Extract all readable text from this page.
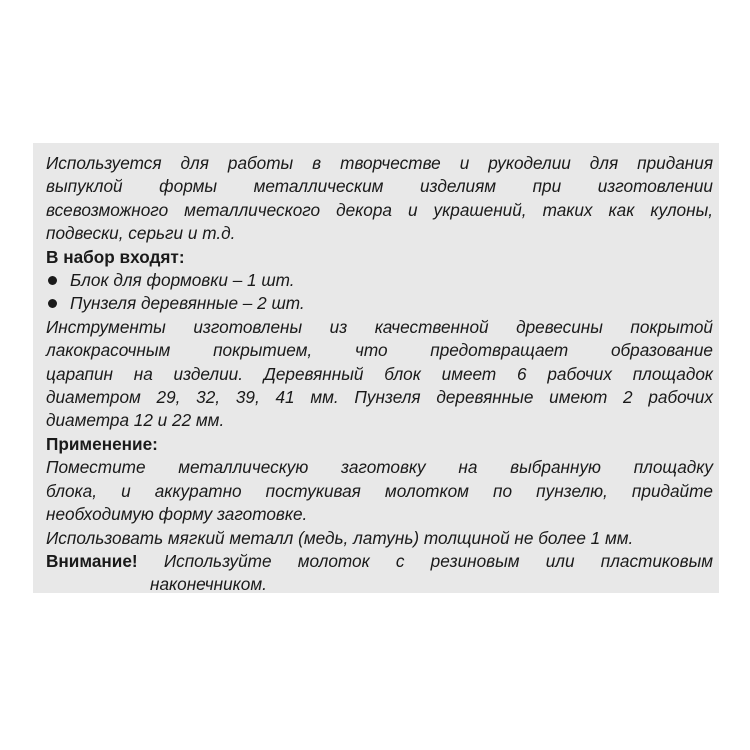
Используется для работы в творчестве и рукоделии для придания
выпуклой формы металлическим изделиям при изготовлении
всевозможного металлического декора и украшений, таких как кулоны,
подвески, серьги и т.д.

В набор входят:

Блок для формовки – 1 шт.
Пунзеля деревянные – 2 шт.

Инструменты изготовлены из качественной древесины покрытой
лакокрасочным покрытием, что предотвращает образование
царапин на изделии. Деревянный блок имеет 6 рабочих площадок
диаметром 29, 32, 39, 41 мм. Пунзеля деревянные имеют 2 рабочих
диаметра 12 и 22 мм.

Применение:

Поместите металлическую заготовку на выбранную площадку
блока, и аккуратно постукивая молотком по пунзелю, придайте
необходимую форму заготовке.

Использовать мягкий металл (медь, латунь) толщиной не более 1 мм.

Внимание! Используйте молоток с резиновым или пластиковым
наконечником.
